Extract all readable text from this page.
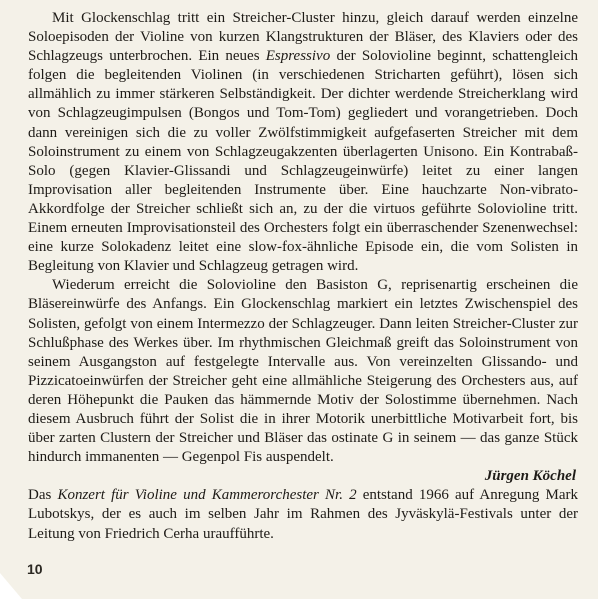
Mit Glockenschlag tritt ein Streicher-Cluster hinzu, gleich darauf werden einzelne Soloepisoden der Violine von kurzen Klangstrukturen der Bläser, des Klaviers oder des Schlagzeugs unterbrochen. Ein neues Espressivo der Solovioline beginnt, schattengleich folgen die begleitenden Violinen (in verschiedenen Stricharten geführt), lösen sich allmählich zu immer stärkeren Selbständigkeit. Der dichter werdende Streicherklang wird von Schlagzeugimpulsen (Bongos und Tom-Tom) gegliedert und vorangetrieben. Doch dann vereinigen sich die zu voller Zwölfstimmigkeit aufgefaserten Streicher mit dem Soloinstrument zu einem von Schlagzeugakzenten überlagerten Unisono. Ein Kontrabaß-Solo (gegen Klavier-Glissandi und Schlagzeugeinwürfe) leitet zu einer langen Improvisation aller begleitenden Instrumente über. Eine hauchzarte Non-vibrato-Akkordfolge der Streicher schließt sich an, zu der die virtuos geführte Solovioline tritt. Einem erneuten Improvisationsteil des Orchesters folgt ein überraschender Szenenwechsel: eine kurze Solokadenz leitet eine slow-fox-ähnliche Episode ein, die vom Solisten in Begleitung von Klavier und Schlagzeug getragen wird.

Wiederum erreicht die Solovioline den Basiston G, reprisenartig erscheinen die Bläsereinwürfe des Anfangs. Ein Glockenschlag markiert ein letztes Zwischenspiel des Solisten, gefolgt von einem Intermezzo der Schlagzeuger. Dann leiten Streicher-Cluster zur Schlußphase des Werkes über. Im rhythmischen Gleichmaß greift das Soloinstrument von seinem Ausgangston auf festgelegte Intervalle aus. Von vereinzelten Glissando- und Pizzicatoeinwürfen der Streicher geht eine allmähliche Steigerung des Orchesters aus, auf deren Höhepunkt die Pauken das hämmernde Motiv der Solostimme übernehmen. Nach diesem Ausbruch führt der Solist die in ihrer Motorik unerbittliche Motivarbeit fort, bis über zarten Clustern der Streicher und Bläser das ostinate G in seinem — das ganze Stück hindurch immanenten — Gegenpol Fis auspendelt.

Jürgen Köchel

Das Konzert für Violine und Kammerorchester Nr. 2 entstand 1966 auf Anregung Mark Lubotskys, der es auch im selben Jahr im Rahmen des Jyväskylä-Festivals unter der Leitung von Friedrich Cerha uraufführte.

10
